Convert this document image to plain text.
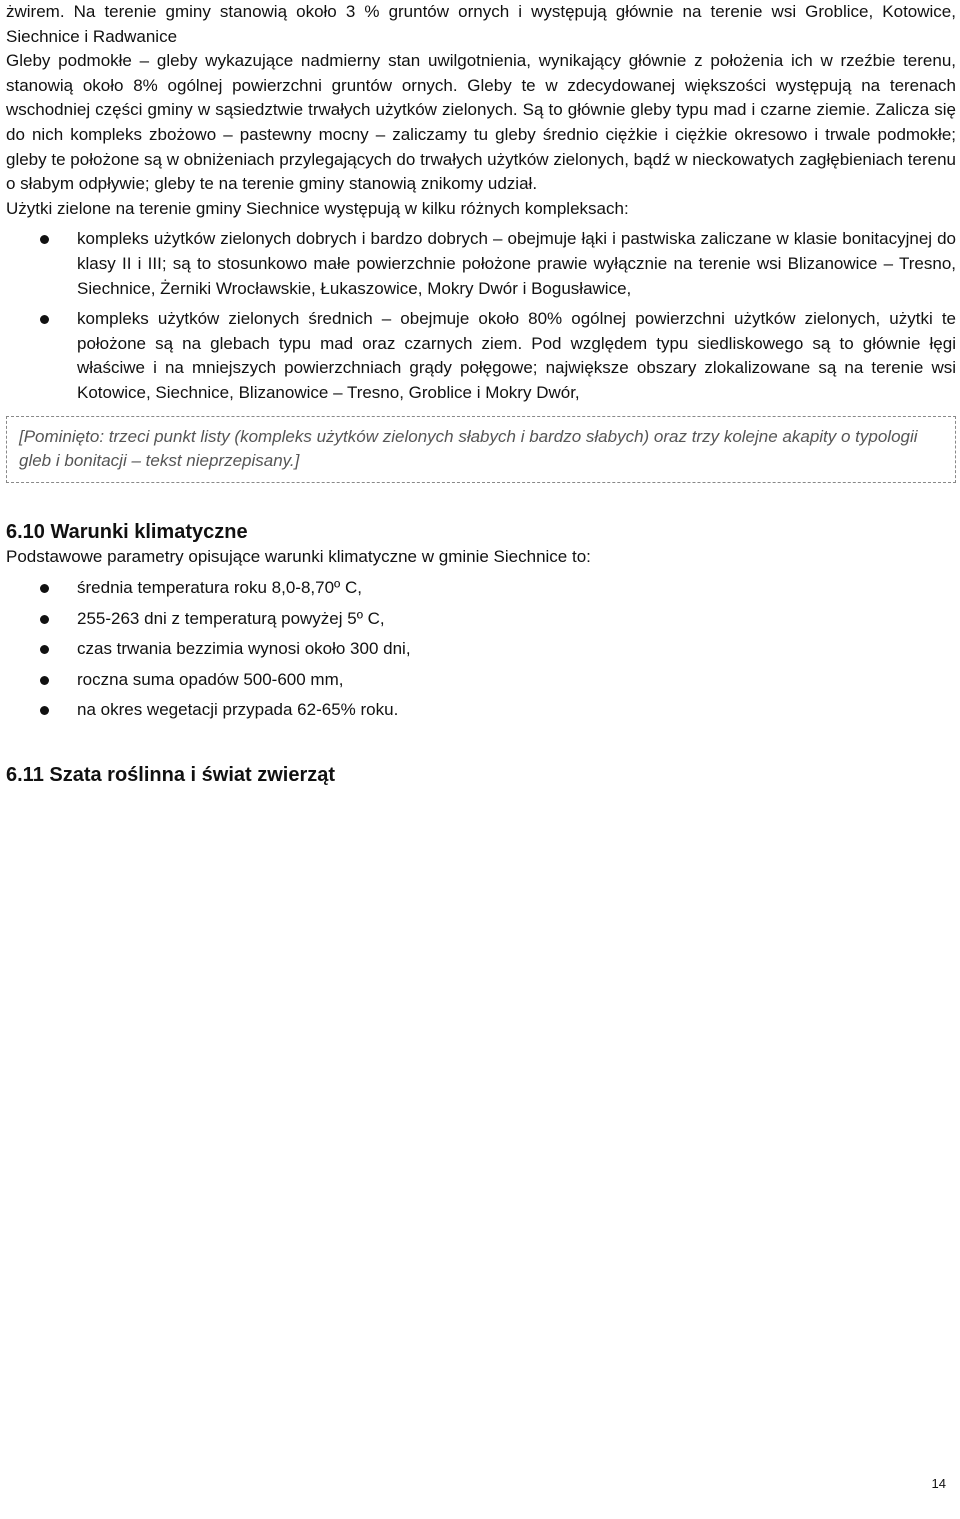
żwirem. Na terenie gminy stanowią około 3 % gruntów ornych i występują głównie na terenie wsi Groblice, Kotowice, Siechnice i Radwanice

Gleby podmokłe – gleby wykazujące nadmierny stan uwilgotnienia, wynikający głównie z położenia ich w rzeźbie terenu, stanowią około 8% ogólnej powierzchni gruntów ornych. Gleby te w zdecydowanej większości występują na terenach wschodniej części gminy w sąsiedztwie trwałych użytków zielonych. Są to głównie gleby typu mad i czarne ziemie. Zalicza się do nich kompleks zbożowo – pastewny mocny – zaliczamy tu gleby średnio ciężkie i ciężkie okresowo i trwale podmokłe; gleby te położone są w obniżeniach przylegających do trwałych użytków zielonych, bądź w nieckowatych zagłębieniach terenu o słabym odpływie; gleby te na terenie gminy stanowią znikomy udział.

Użytki zielone na terenie gminy Siechnice występują w kilku różnych kompleksach:

kompleks użytków zielonych dobrych i bardzo dobrych – obejmuje łąki i pastwiska zaliczane w klasie bonitacyjnej do klasy II i III; są to stosunkowo małe powierzchnie położone prawie wyłącznie na terenie wsi Blizanowice – Tresno, Siechnice, Żerniki Wrocławskie, Łukaszowice, Mokry Dwór i Bogusławice,
kompleks użytków zielonych średnich – obejmuje około 80% ogólnej powierzchni użytków zielonych, użytki te położone są na glebach typu mad oraz czarnych ziem. Pod względem typu siedliskowego są to głównie łęgi właściwe i na mniejszych powierzchniach grądy połęgowe; największe obszary zlokalizowane są na terenie wsi Kotowice, Siechnice, Blizanowice – Tresno, Groblice i Mokry Dwór,
[Pominięto: trzeci punkt listy (kompleks użytków zielonych słabych i bardzo słabych) oraz trzy kolejne akapity o typologii gleb i bonitacji – tekst nieprzepisany.]
6.10 Warunki klimatyczne

Podstawowe parametry opisujące warunki klimatyczne w gminie Siechnice to:

średnia temperatura roku 8,0-8,70º C,
255-263 dni z temperaturą powyżej 5º C,
czas trwania bezzimia wynosi około 300 dni,
roczna suma opadów 500-600 mm,
na okres wegetacji przypada 62-65% roku.
6.11 Szata roślinna i świat zwierząt
14
